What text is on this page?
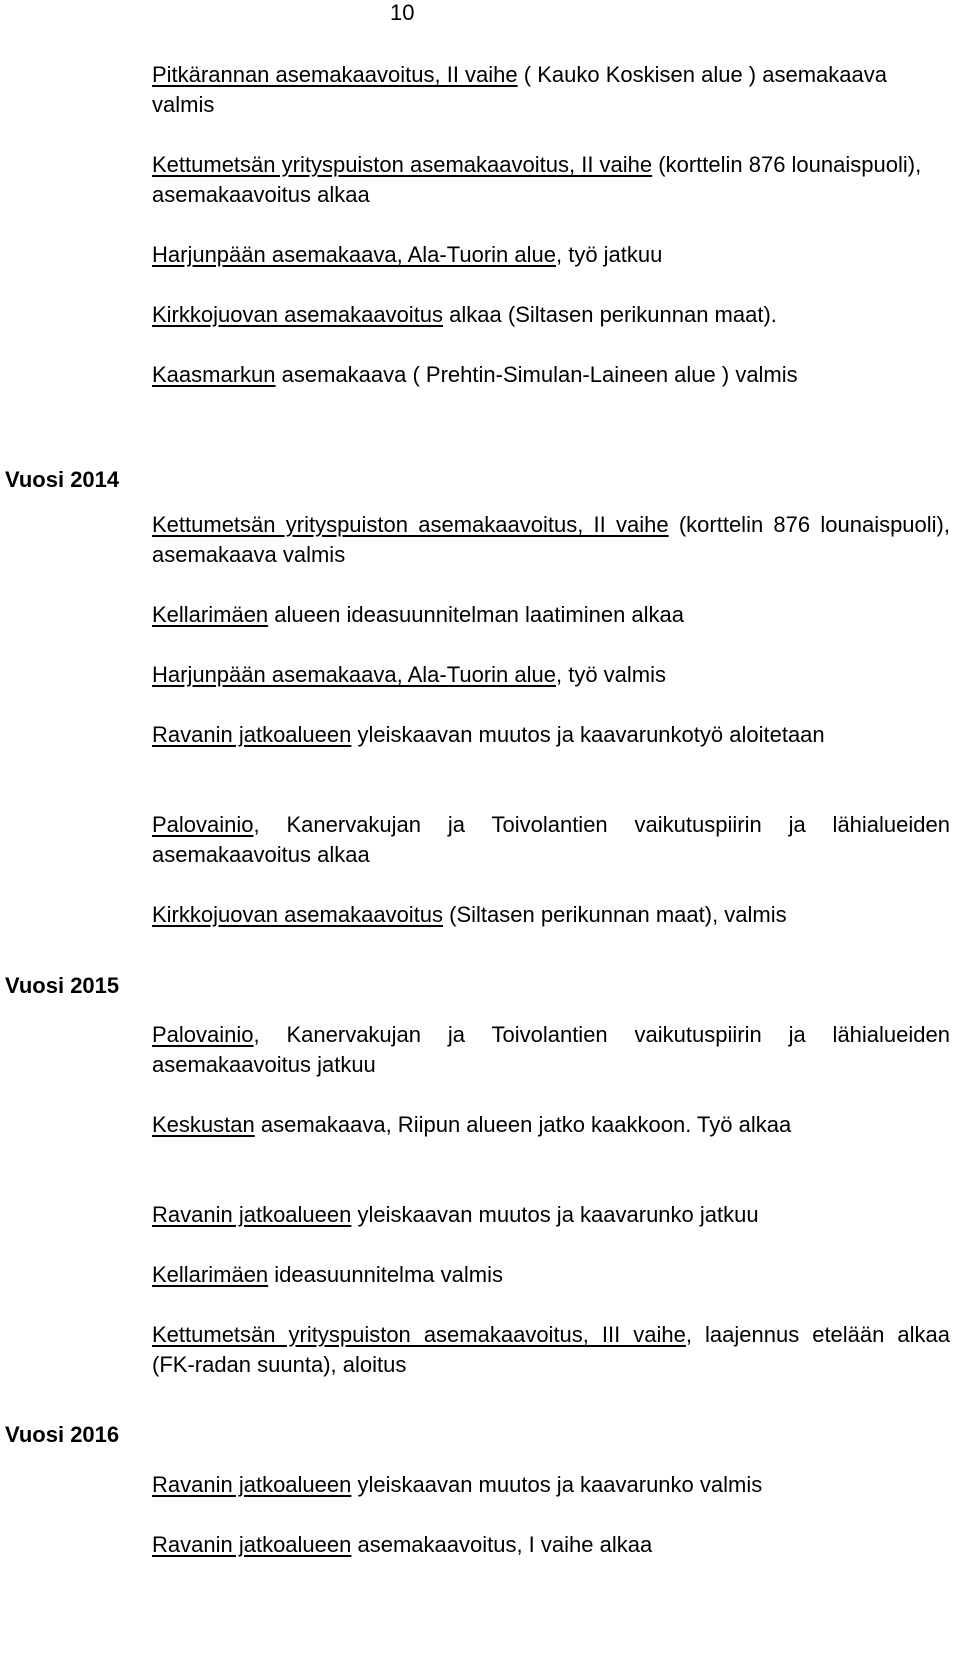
10

Pitkärannan asemakaavoitus, II vaihe ( Kauko Koskisen alue ) asemakaava valmis

Kettumetsän yrityspuiston asemakaavoitus, II vaihe (korttelin 876 lounaispuoli), asemakaavoitus alkaa

Harjunpään asemakaava, Ala-Tuorin alue, työ jatkuu

Kirkkojuovan asemakaavoitus alkaa (Siltasen perikunnan maat).

Kaasmarkun asemakaava ( Prehtin-Simulan-Laineen alue ) valmis

Vuosi 2014

Kettumetsän yrityspuiston asemakaavoitus, II vaihe (korttelin 876 lounaispuoli), asemakaava valmis

Kellarimäen alueen ideasuunnitelman laatiminen alkaa

Harjunpään asemakaava, Ala-Tuorin alue, työ valmis

Ravanin jatkoalueen yleiskaavan muutos ja kaavarunkotyö aloitetaan

Palovainio, Kanervakujan ja Toivolantien vaikutuspiirin ja lähialueiden asemakaavoitus alkaa

Kirkkojuovan asemakaavoitus (Siltasen perikunnan maat), valmis

Vuosi 2015

Palovainio, Kanervakujan ja Toivolantien vaikutuspiirin ja lähialueiden asemakaavoitus jatkuu

Keskustan asemakaava, Riipun alueen jatko kaakkoon. Työ alkaa

Ravanin jatkoalueen yleiskaavan muutos ja kaavarunko jatkuu

Kellarimäen ideasuunnitelma valmis

Kettumetsän yrityspuiston asemakaavoitus, III vaihe, laajennus etelään alkaa (FK-radan suunta), aloitus

Vuosi 2016

Ravanin jatkoalueen yleiskaavan muutos ja kaavarunko valmis

Ravanin jatkoalueen asemakaavoitus, I vaihe alkaa
